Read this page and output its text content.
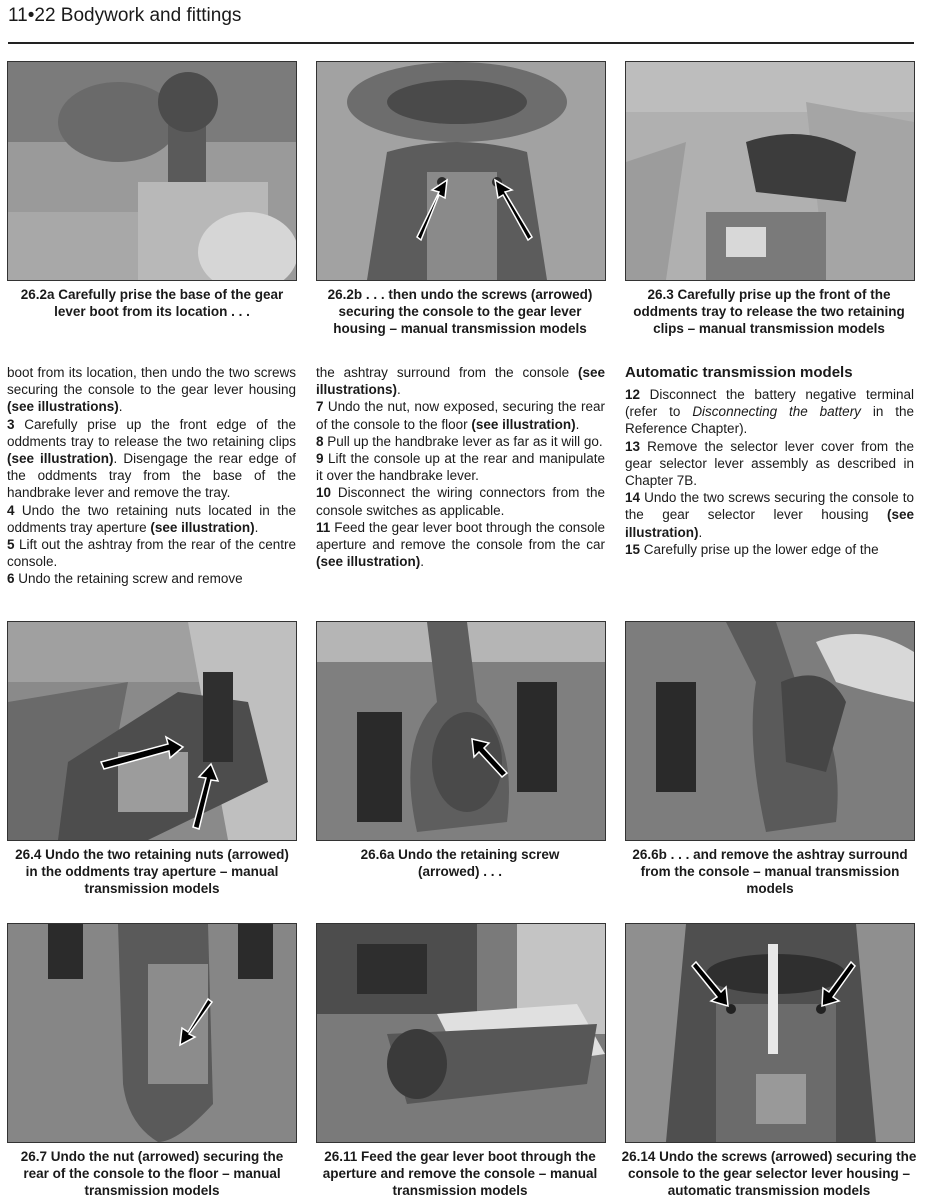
11•22 Bodywork and fittings
26.2a Carefully prise the base of the gear lever boot from its location . . .
26.2b . . . then undo the screws (arrowed) securing the console to the gear lever housing – manual transmission models
26.3 Carefully prise up the front of the oddments tray to release the two retaining clips – manual transmission models

boot from its location, then undo the two screws securing the console to the gear lever housing (see illustrations).

3 Carefully prise up the front edge of the oddments tray to release the two retaining clips (see illustration). Disengage the rear edge of the oddments tray from the base of the handbrake lever and remove the tray.

4 Undo the two retaining nuts located in the oddments tray aperture (see illustration).

5 Lift out the ashtray from the rear of the centre console.

6 Undo the retaining screw and remove

the ashtray surround from the console (see illustrations).

7 Undo the nut, now exposed, securing the rear of the console to the floor (see illustration).

8 Pull up the handbrake lever as far as it will go.

9 Lift the console up at the rear and manipulate it over the handbrake lever.

10 Disconnect the wiring connectors from the console switches as applicable.

11 Feed the gear lever boot through the console aperture and remove the console from the car (see illustration).

Automatic transmission models

12 Disconnect the battery negative terminal (refer to Disconnecting the battery in the Reference Chapter).

13 Remove the selector lever cover from the gear selector lever assembly as described in Chapter 7B.

14 Undo the two screws securing the console to the gear selector lever housing (see illustration).

15 Carefully prise up the lower edge of the

26.4 Undo the two retaining nuts (arrowed) in the oddments tray aperture – manual transmission models
26.6a Undo the retaining screw (arrowed) . . .
26.6b . . . and remove the ashtray surround from the console – manual transmission models
26.7 Undo the nut (arrowed) securing the rear of the console to the floor – manual transmission models
26.11 Feed the gear lever boot through the aperture and remove the console – manual transmission models
26.14 Undo the screws (arrowed) securing the console to the gear selector lever housing – automatic transmission models
